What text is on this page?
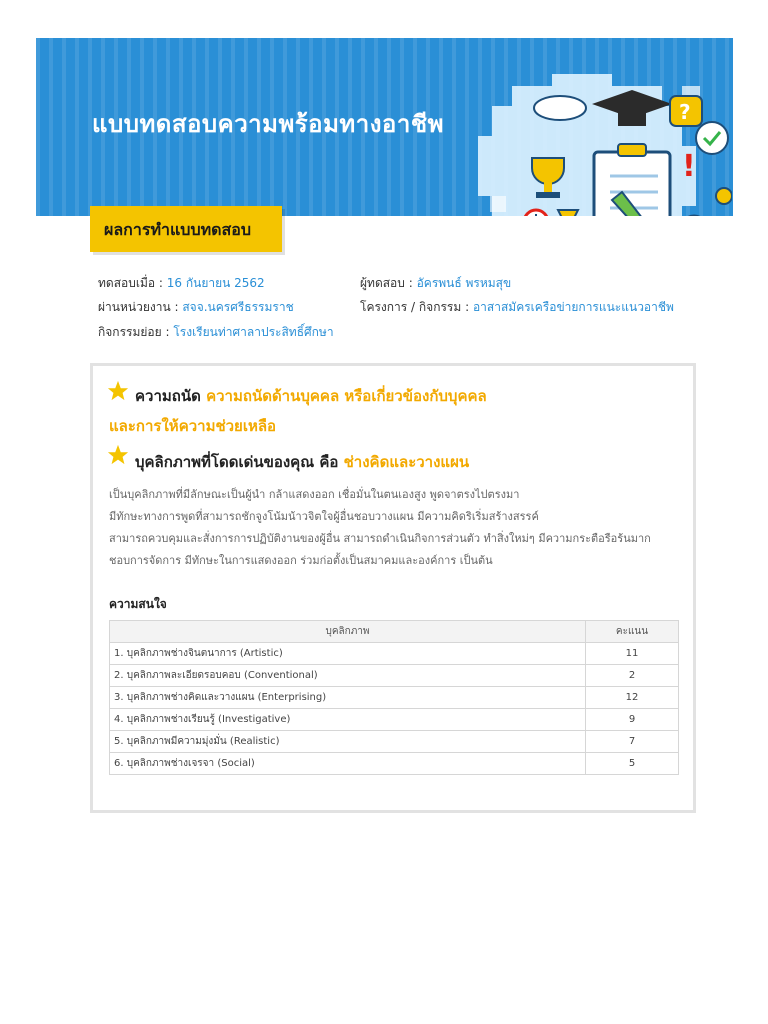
แบบทดสอบความพร้อมทางอาชีพ	?
!
ผลการทำแบบทดสอบ
ทดสอบเมื่อ : 16 กันยายน 2562	ผู้ทดสอบ : อัครพนธ์ พรหมสุข
ผ่านหน่วยงาน : สจจ.นครศรีธรรมราช	โครงการ / กิจกรรม : อาสาสมัครเครือข่ายการแนะแนวอาชีพ
กิจกรรมย่อย : โรงเรียนท่าศาลาประสิทธิ์ศึกษา
ความถนัด ความถนัดด้านบุคคล หรือเกี่ยวข้องกับบุคคล
และการให้ความช่วยเหลือ
บุคลิกภาพที่โดดเด่นของคุณ คือ ช่างคิดและวางแผน
เป็นบุคลิกภาพที่มีลักษณะเป็นผู้นำ กล้าแสดงออก เชื่อมั่นในตนเองสูง พูดจาตรงไปตรงมา
มีทักษะทางการพูดที่สามารถชักจูงโน้มน้าวจิตใจผู้อื่นชอบวางแผน มีความคิดริเริ่มสร้างสรรค์
สามารถควบคุมและสั่งการการปฏิบัติงานของผู้อื่น สามารถดำเนินกิจการส่วนตัว ทำสิ่งใหม่ๆ มีความกระตือรือร้นมาก
ชอบการจัดการ มีทักษะในการแสดงออก ร่วมก่อตั้งเป็นสมาคมและองค์การ เป็นต้น
ความสนใจ
บุคลิกภาพ	คะแนน
1. บุคลิกภาพช่างจินตนาการ (Artistic)	11
2. บุคลิกภาพละเอียดรอบคอบ (Conventional)	2
3. บุคลิกภาพช่างคิดและวางแผน (Enterprising)	12
4. บุคลิกภาพช่างเรียนรู้ (Investigative)	9
5. บุคลิกภาพมีความมุ่งมั่น (Realistic)	7
6. บุคลิกภาพช่างเจรจา (Social)	5
